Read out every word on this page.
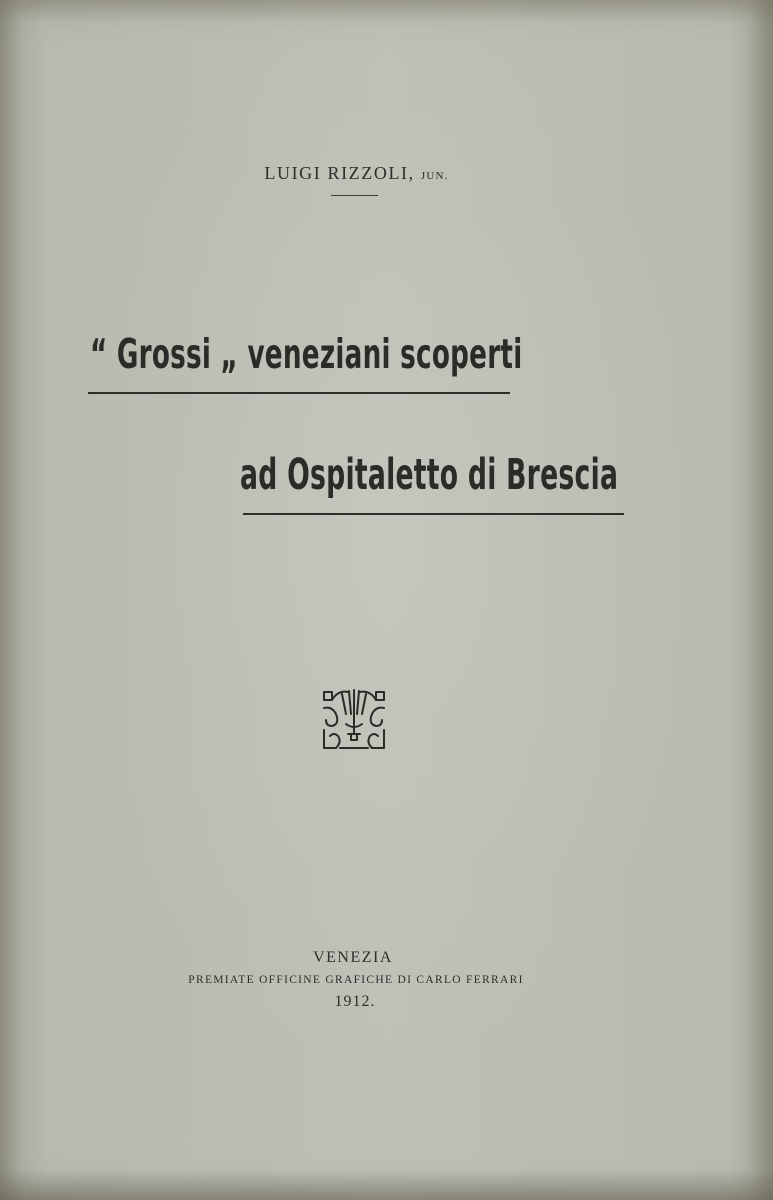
LUIGI RIZZOLI, JUN.
“ Grossi „ veneziani scoperti
ad Ospitaletto di Brescia
VENEZIA
PREMIATE OFFICINE GRAFICHE DI CARLO FERRARI
1912.
